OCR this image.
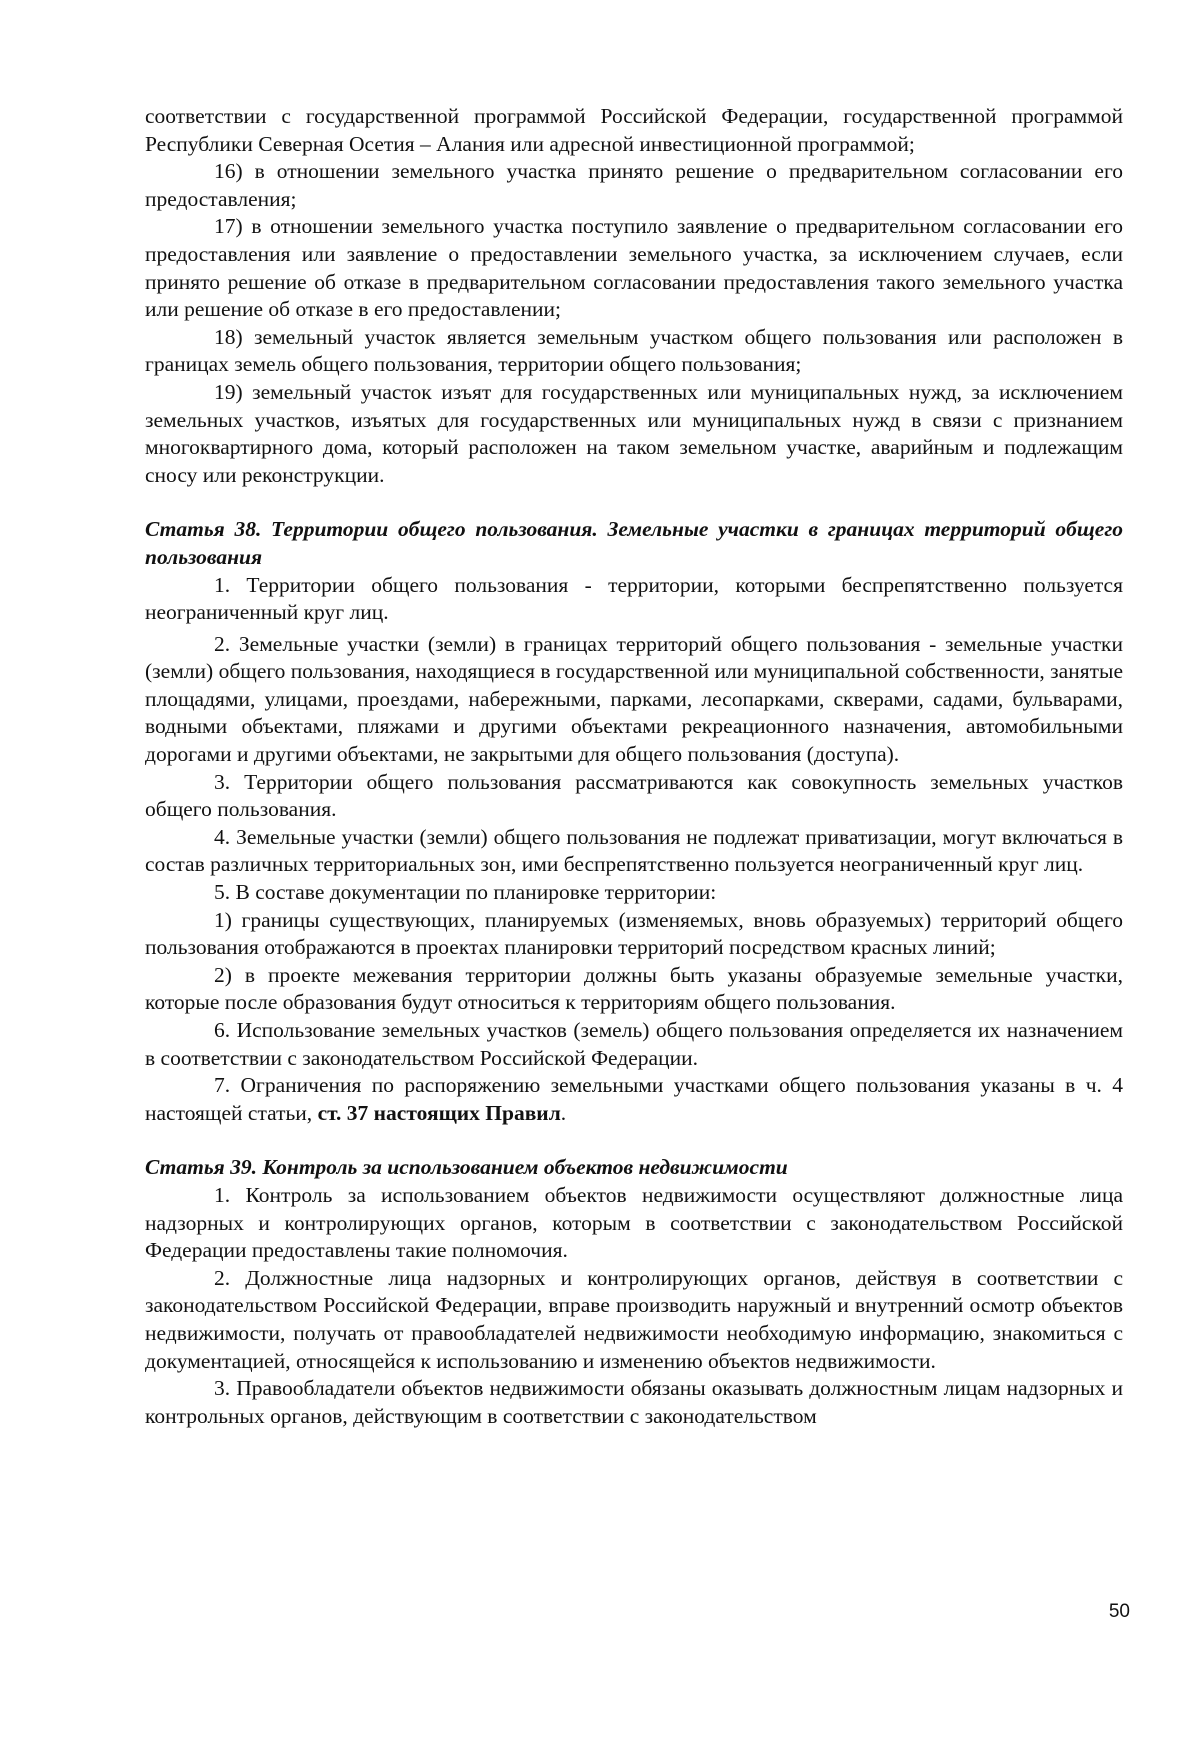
соответствии с государственной программой Российской Федерации, государственной программой Республики Северная Осетия – Алания или адресной инвестиционной программой;

16) в отношении земельного участка принято решение о предварительном согласовании его предоставления;

17) в отношении земельного участка поступило заявление о предварительном согласовании его предоставления или заявление о предоставлении земельного участка, за исключением случаев, если принято решение об отказе в предварительном согласовании предоставления такого земельного участка или решение об отказе в его предоставлении;

18) земельный участок является земельным участком общего пользования или расположен в границах земель общего пользования, территории общего пользования;

19) земельный участок изъят для государственных или муниципальных нужд, за исключением земельных участков, изъятых для государственных или муниципальных нужд в связи с признанием многоквартирного дома, который расположен на таком земельном участке, аварийным и подлежащим сносу или реконструкции.

Статья 38. Территории общего пользования. Земельные участки в границах территорий общего пользования

1. Территории общего пользования - территории, которыми беспрепятственно пользуется неограниченный круг лиц.

2. Земельные участки (земли) в границах территорий общего пользования - земельные участки (земли) общего пользования, находящиеся в государственной или муниципальной собственности, занятые площадями, улицами, проездами, набережными, парками, лесопарками, скверами, садами, бульварами, водными объектами, пляжами и другими объектами рекреационного назначения, автомобильными дорогами и другими объектами, не закрытыми для общего пользования (доступа).

3. Территории общего пользования рассматриваются как совокупность земельных участков общего пользования.

4. Земельные участки (земли) общего пользования не подлежат приватизации, могут включаться в состав различных территориальных зон, ими беспрепятственно пользуется неограниченный круг лиц.

5. В составе документации по планировке территории:

1) границы существующих, планируемых (изменяемых, вновь образуемых) территорий общего пользования отображаются в проектах планировки территорий посредством красных линий;

2) в проекте межевания территории должны быть указаны образуемые земельные участки, которые после образования будут относиться к территориям общего пользования.

6. Использование земельных участков (земель) общего пользования определяется их назначением в соответствии с законодательством Российской Федерации.

7. Ограничения по распоряжению земельными участками общего пользования указаны в ч. 4 настоящей статьи, ст. 37 настоящих Правил.

Статья 39. Контроль за использованием объектов недвижимости

1. Контроль за использованием объектов недвижимости осуществляют должностные лица надзорных и контролирующих органов, которым в соответствии с законодательством Российской Федерации предоставлены такие полномочия.

2. Должностные лица надзорных и контролирующих органов, действуя в соответствии с законодательством Российской Федерации, вправе производить наружный и внутренний осмотр объектов недвижимости, получать от правообладателей недвижимости необходимую информацию, знакомиться с документацией, относящейся к использованию и изменению объектов недвижимости.

3. Правообладатели объектов недвижимости обязаны оказывать должностным лицам надзорных и контрольных органов, действующим в соответствии с законодательством

50
